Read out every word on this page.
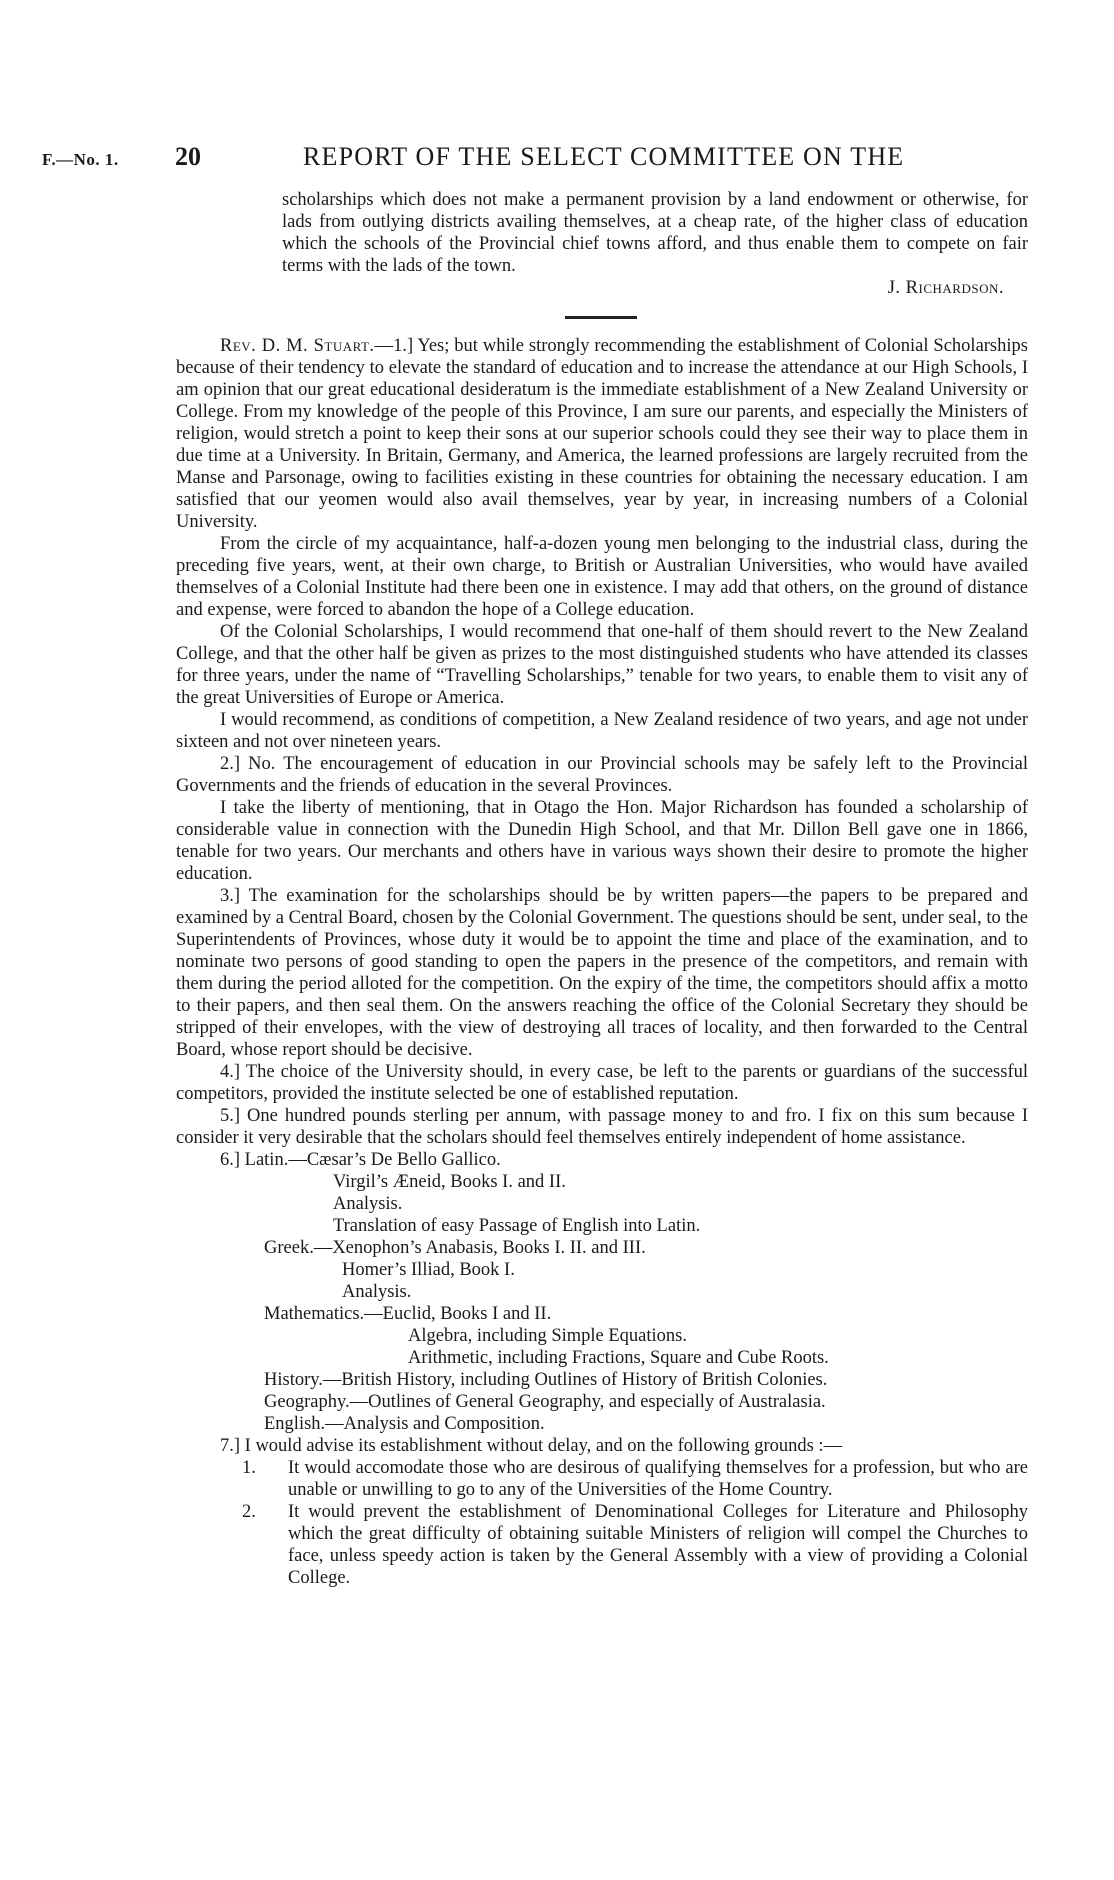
F.—No. 1. 20	REPORT OF THE SELECT COMMITTEE ON THE

scholarships which does not make a permanent provision by a land endowment or otherwise, for lads from outlying districts availing themselves, at a cheap rate, of the higher class of education which the schools of the Provincial chief towns afford, and thus enable them to compete on fair terms with the lads of the town.

J. Richardson.

Rev. D. M. Stuart.—1.] Yes; but while strongly recommending the establishment of Colonial Scholarships because of their tendency to elevate the standard of education and to increase the attendance at our High Schools, I am opinion that our great educational desideratum is the immediate establishment of a New Zealand University or College. From my knowledge of the people of this Province, I am sure our parents, and especially the Ministers of religion, would stretch a point to keep their sons at our superior schools could they see their way to place them in due time at a University. In Britain, Germany, and America, the learned professions are largely recruited from the Manse and Parsonage, owing to facilities existing in these countries for obtaining the necessary education. I am satisfied that our yeomen would also avail themselves, year by year, in increasing numbers of a Colonial University.

From the circle of my acquaintance, half-a-dozen young men belonging to the industrial class, during the preceding five years, went, at their own charge, to British or Australian Universities, who would have availed themselves of a Colonial Institute had there been one in existence. I may add that others, on the ground of distance and expense, were forced to abandon the hope of a College education.

Of the Colonial Scholarships, I would recommend that one-half of them should revert to the New Zealand College, and that the other half be given as prizes to the most distinguished students who have attended its classes for three years, under the name of “Travelling Scholarships,” tenable for two years, to enable them to visit any of the great Universities of Europe or America.

I would recommend, as conditions of competition, a New Zealand residence of two years, and age not under sixteen and not over nineteen years.

2.] No. The encouragement of education in our Provincial schools may be safely left to the Provincial Governments and the friends of education in the several Provinces.

I take the liberty of mentioning, that in Otago the Hon. Major Richardson has founded a scholarship of considerable value in connection with the Dunedin High School, and that Mr. Dillon Bell gave one in 1866, tenable for two years. Our merchants and others have in various ways shown their desire to promote the higher education.

3.] The examination for the scholarships should be by written papers—the papers to be prepared and examined by a Central Board, chosen by the Colonial Government. The questions should be sent, under seal, to the Superintendents of Provinces, whose duty it would be to appoint the time and place of the examination, and to nominate two persons of good standing to open the papers in the presence of the competitors, and remain with them during the period alloted for the competition. On the expiry of the time, the competitors should affix a motto to their papers, and then seal them. On the answers reaching the office of the Colonial Secretary they should be stripped of their envelopes, with the view of destroying all traces of locality, and then forwarded to the Central Board, whose report should be decisive.

4.] The choice of the University should, in every case, be left to the parents or guardians of the successful competitors, provided the institute selected be one of established reputation.

5.] One hundred pounds sterling per annum, with passage money to and fro. I fix on this sum because I consider it very desirable that the scholars should feel themselves entirely independent of home assistance.

6.] Latin.—Cæsar’s De Bello Gallico.
Virgil’s Æneid, Books I. and II.
Analysis.
Translation of easy Passage of English into Latin.
Greek.—Xenophon’s Anabasis, Books I. II. and III.
Homer’s Illiad, Book I.
Analysis.
Mathematics.—Euclid, Books I and II.
Algebra, including Simple Equations.
Arithmetic, including Fractions, Square and Cube Roots.
History.—British History, including Outlines of History of British Colonies.
Geography.—Outlines of General Geography, and especially of Australasia.
English.—Analysis and Composition.

7.] I would advise its establishment without delay, and on the following grounds :—

1. It would accomodate those who are desirous of qualifying themselves for a profession, but who are unable or unwilling to go to any of the Universities of the Home Country.
2. It would prevent the establishment of Denominational Colleges for Literature and Philosophy which the great difficulty of obtaining suitable Ministers of religion will compel the Churches to face, unless speedy action is taken by the General Assembly with a view of providing a Colonial College.
